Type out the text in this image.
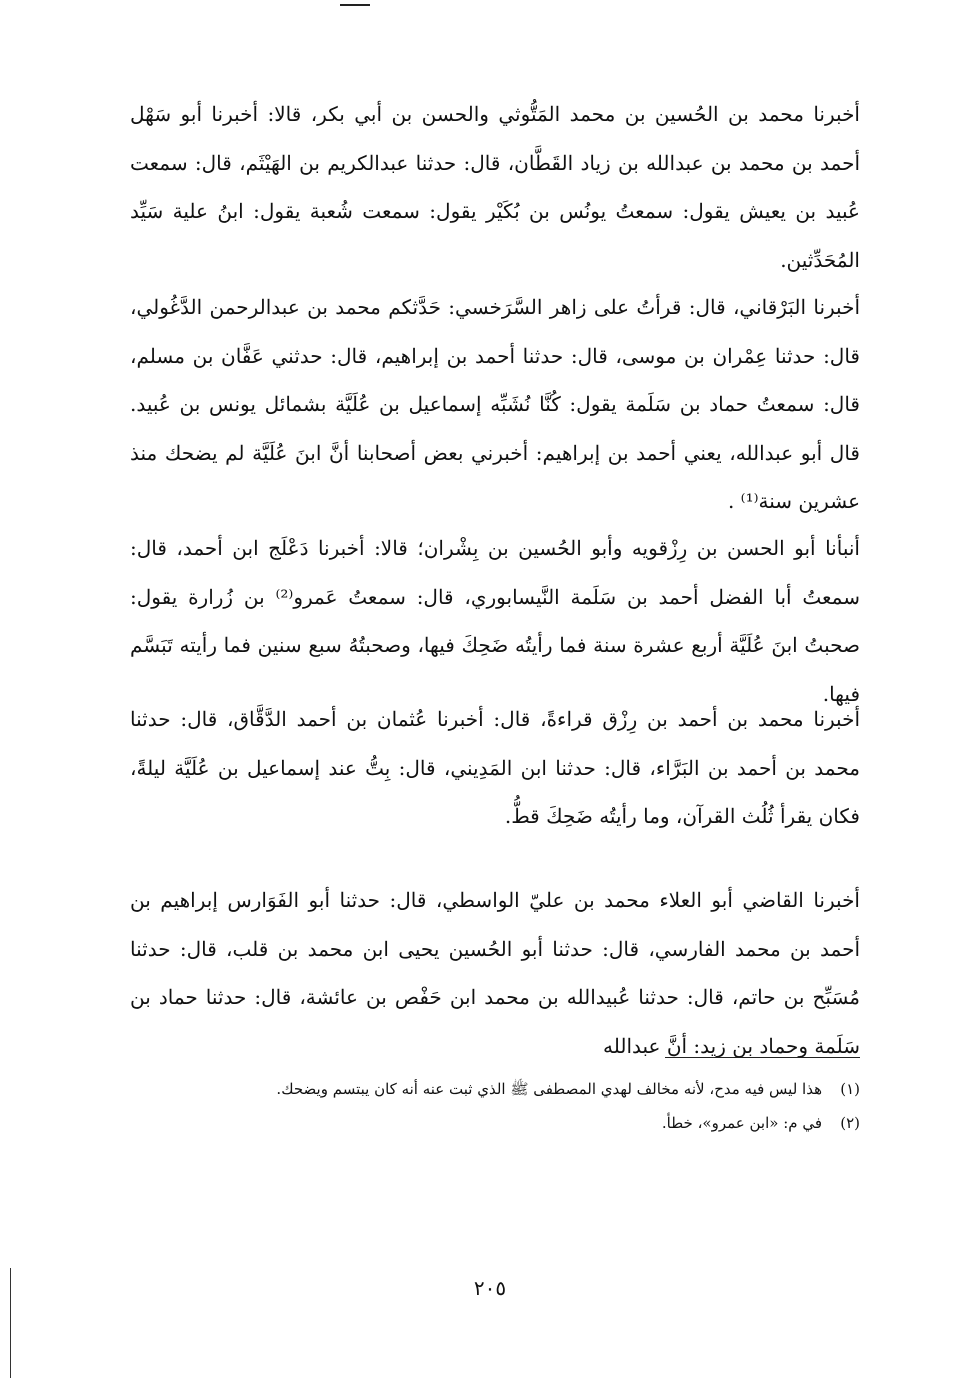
أخبرنا محمد بن الحُسين بن محمد المَتُّوثي والحسن بن أبي بكر، قالا: أخبرنا أبو سَهْل أحمد بن محمد بن عبدالله بن زياد القَطَّان، قال: حدثنا عبدالكريم بن الهَيْثَم، قال: سمعت عُبيد بن يعيش يقول: سمعتُ يونُس بن بُكَيْر يقول: سمعت شُعبة يقول: ابنُ علية سَيِّد المُحَدِّثين.
أخبرنا البَرْقاني، قال: قرأتُ على زاهر السَّرَخسي: حَدَّثكم محمد بن عبدالرحمن الدَّغُولي، قال: حدثنا عِمْران بن موسى، قال: حدثنا أحمد بن إبراهيم، قال: حدثني عَفَّان بن مسلم، قال: سمعتُ حماد بن سَلَمة يقول: كُنَّا نُشَبِّه إسماعيل بن عُلَيَّة بشمائل يونس بن عُبيد. قال أبو عبدالله، يعني أحمد بن إبراهيم: أخبرني بعض أصحابنا أنَّ ابنَ عُلَيَّة لم يضحك منذ عشرين سنة⁽¹⁾ .
أنبأنا أبو الحسن بن رِزْقويه وأبو الحُسين بن بِشْران؛ قالا: أخبرنا دَعْلَج ابن أحمد، قال: سمعتُ أبا الفضل أحمد بن سَلَمة النَّيسابوري، قال: سمعتُ عَمرو⁽²⁾ بن زُرارة يقول: صحبتُ ابنَ عُلَيَّة أربع عشرة سنة فما رأيتُه ضَحِكَ فيها، وصحبتُهُ سبع سنين فما رأيته تَبَسَّم فيها.
أخبرنا محمد بن أحمد بن رِزْق قراءةً، قال: أخبرنا عُثمان بن أحمد الدَّقَّاق، قال: حدثنا محمد بن أحمد بن البَرَّاء، قال: حدثنا ابن المَدِيني، قال: بِتُّ عند إسماعيل بن عُلَيَّة ليلةً، فكان يقرأ ثُلُث القرآن، وما رأيتُه ضَحِكَ قطُّ.
أخبرنا القاضي أبو العلاء محمد بن عليّ الواسطي، قال: حدثنا أبو الفَوَارس إبراهيم بن أحمد بن محمد الفارسي، قال: حدثنا أبو الحُسين يحيى ابن محمد بن قلب، قال: حدثنا مُسَبِّح بن حاتم، قال: حدثنا عُبيدالله بن محمد ابن حَفْص بن عائشة، قال: حدثنا حماد بن سَلَمة وحماد بن زيد: أنَّ عبدالله
(١)
هذا ليس فيه مدح، لأنه مخالف لهدي المصطفى ﷺ الذي ثبت عنه أنه كان يبتسم ويضحك.
(٢)
في م: «ابن عمرو»، خطأ.
٢٠٥
